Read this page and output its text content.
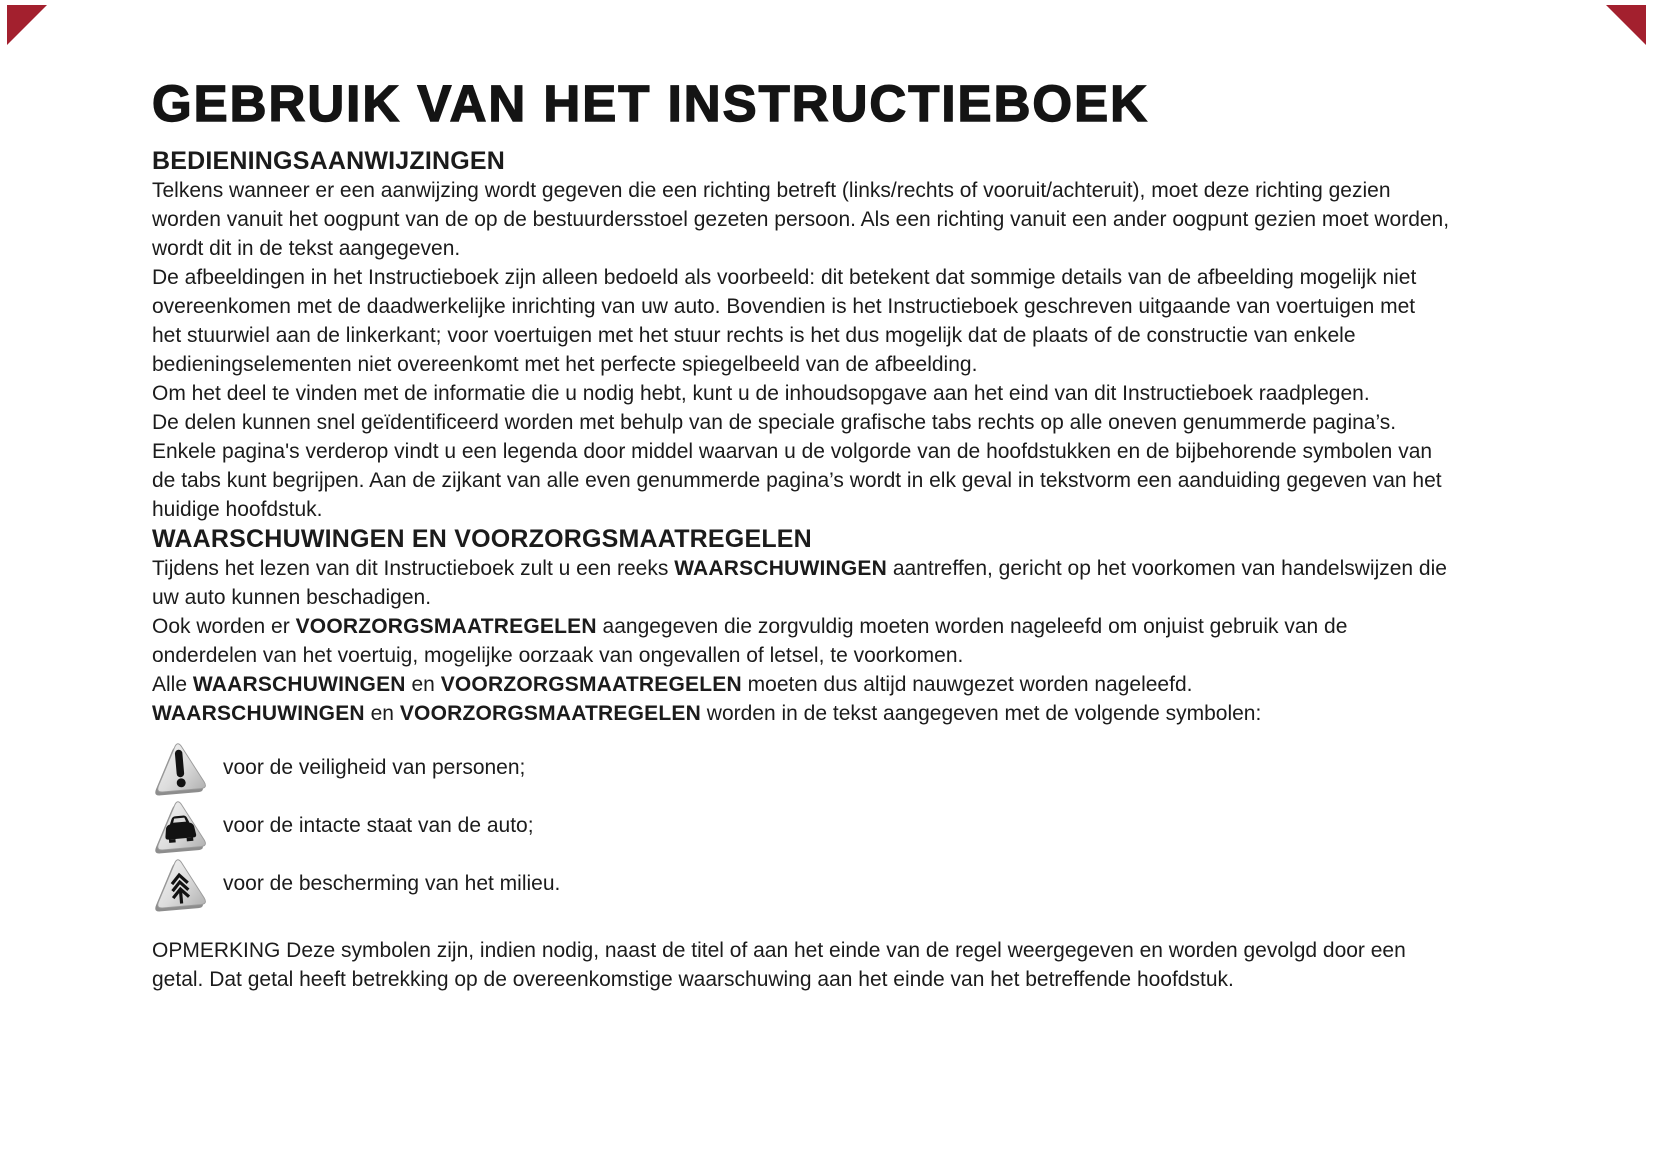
GEBRUIK VAN HET INSTRUCTIEBOEK
BEDIENINGSAANWIJZINGEN
Telkens wanneer er een aanwijzing wordt gegeven die een richting betreft (links/rechts of vooruit/achteruit), moet deze richting gezien worden vanuit het oogpunt van de op de bestuurdersstoel gezeten persoon. Als een richting vanuit een ander oogpunt gezien moet worden, wordt dit in de tekst aangegeven.
De afbeeldingen in het Instructieboek zijn alleen bedoeld als voorbeeld: dit betekent dat sommige details van de afbeelding mogelijk niet overeenkomen met de daadwerkelijke inrichting van uw auto. Bovendien is het Instructieboek geschreven uitgaande van voertuigen met het stuurwiel aan de linkerkant; voor voertuigen met het stuur rechts is het dus mogelijk dat de plaats of de constructie van enkele bedieningselementen niet overeenkomt met het perfecte spiegelbeeld van de afbeelding.
Om het deel te vinden met de informatie die u nodig hebt, kunt u de inhoudsopgave aan het eind van dit Instructieboek raadplegen.
De delen kunnen snel geïdentificeerd worden met behulp van de speciale grafische tabs rechts op alle oneven genummerde pagina’s. Enkele pagina's verderop vindt u een legenda door middel waarvan u de volgorde van de hoofdstukken en de bijbehorende symbolen van de tabs kunt begrijpen. Aan de zijkant van alle even genummerde pagina’s wordt in elk geval in tekstvorm een aanduiding gegeven van het huidige hoofdstuk.
WAARSCHUWINGEN EN VOORZORGSMAATREGELEN
Tijdens het lezen van dit Instructieboek zult u een reeks WAARSCHUWINGEN aantreffen, gericht op het voorkomen van handelswijzen die uw auto kunnen beschadigen.
Ook worden er VOORZORGSMAATREGELEN aangegeven die zorgvuldig moeten worden nageleefd om onjuist gebruik van de onderdelen van het voertuig, mogelijke oorzaak van ongevallen of letsel, te voorkomen.
Alle WAARSCHUWINGEN en VOORZORGSMAATREGELEN moeten dus altijd nauwgezet worden nageleefd.
WAARSCHUWINGEN en VOORZORGSMAATREGELEN worden in de tekst aangegeven met de volgende symbolen:
voor de veiligheid van personen;
voor de intacte staat van de auto;
voor de bescherming van het milieu.
OPMERKING Deze symbolen zijn, indien nodig, naast de titel of aan het einde van de regel weergegeven en worden gevolgd door een getal. Dat getal heeft betrekking op de overeenkomstige waarschuwing aan het einde van het betreffende hoofdstuk.
